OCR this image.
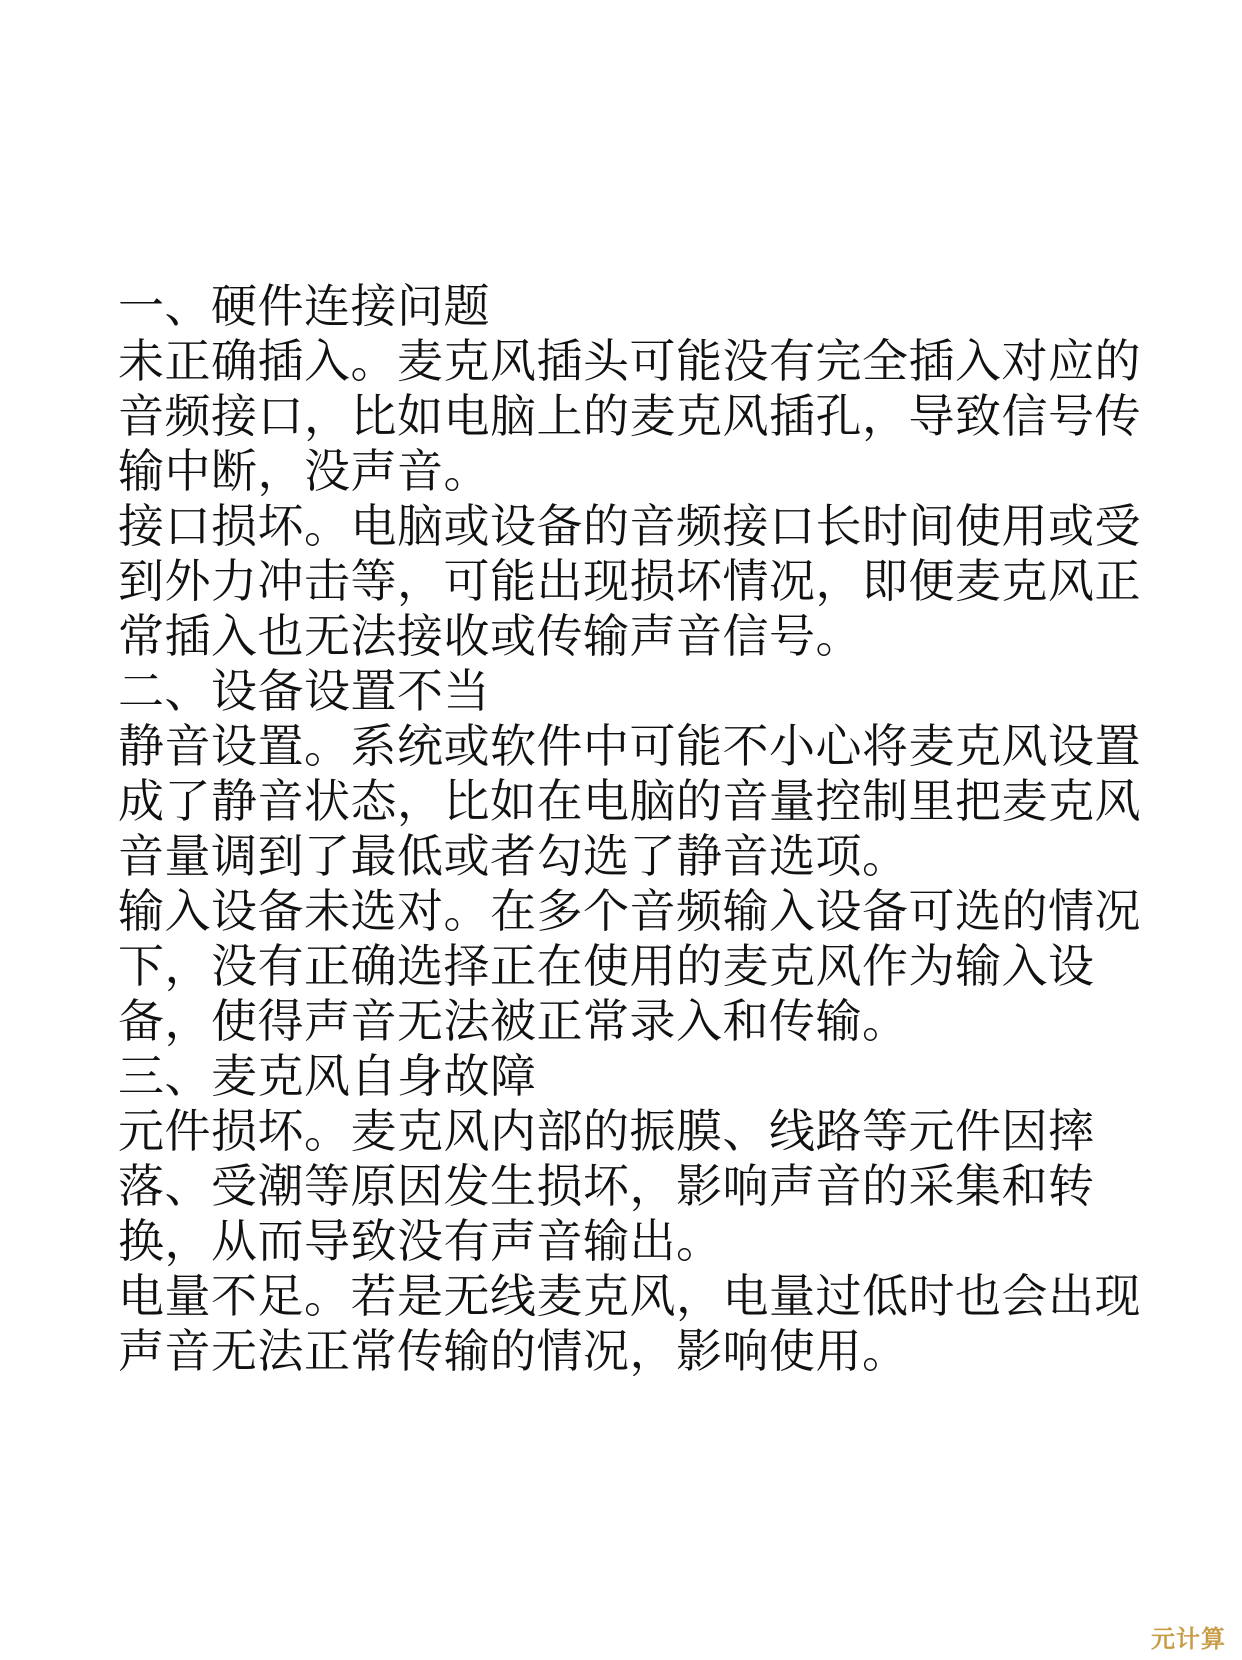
一、硬件连接问题
未正确插入。麦克风插头可能没有完全插入对应的
音频接口，比如电脑上的麦克风插孔，导致信号传
输中断，没声音。
接口损坏。电脑或设备的音频接口长时间使用或受
到外力冲击等，可能出现损坏情况，即便麦克风正
常插入也无法接收或传输声音信号。
二、设备设置不当
静音设置。系统或软件中可能不小心将麦克风设置
成了静音状态，比如在电脑的音量控制里把麦克风
音量调到了最低或者勾选了静音选项。
输入设备未选对。在多个音频输入设备可选的情况
下，没有正确选择正在使用的麦克风作为输入设
备，使得声音无法被正常录入和传输。
三、麦克风自身故障
元件损坏。麦克风内部的振膜、线路等元件因摔
落、受潮等原因发生损坏，影响声音的采集和转
换，从而导致没有声音输出。
电量不足。若是无线麦克风，电量过低时也会出现
声音无法正常传输的情况，影响使用。
元计算
